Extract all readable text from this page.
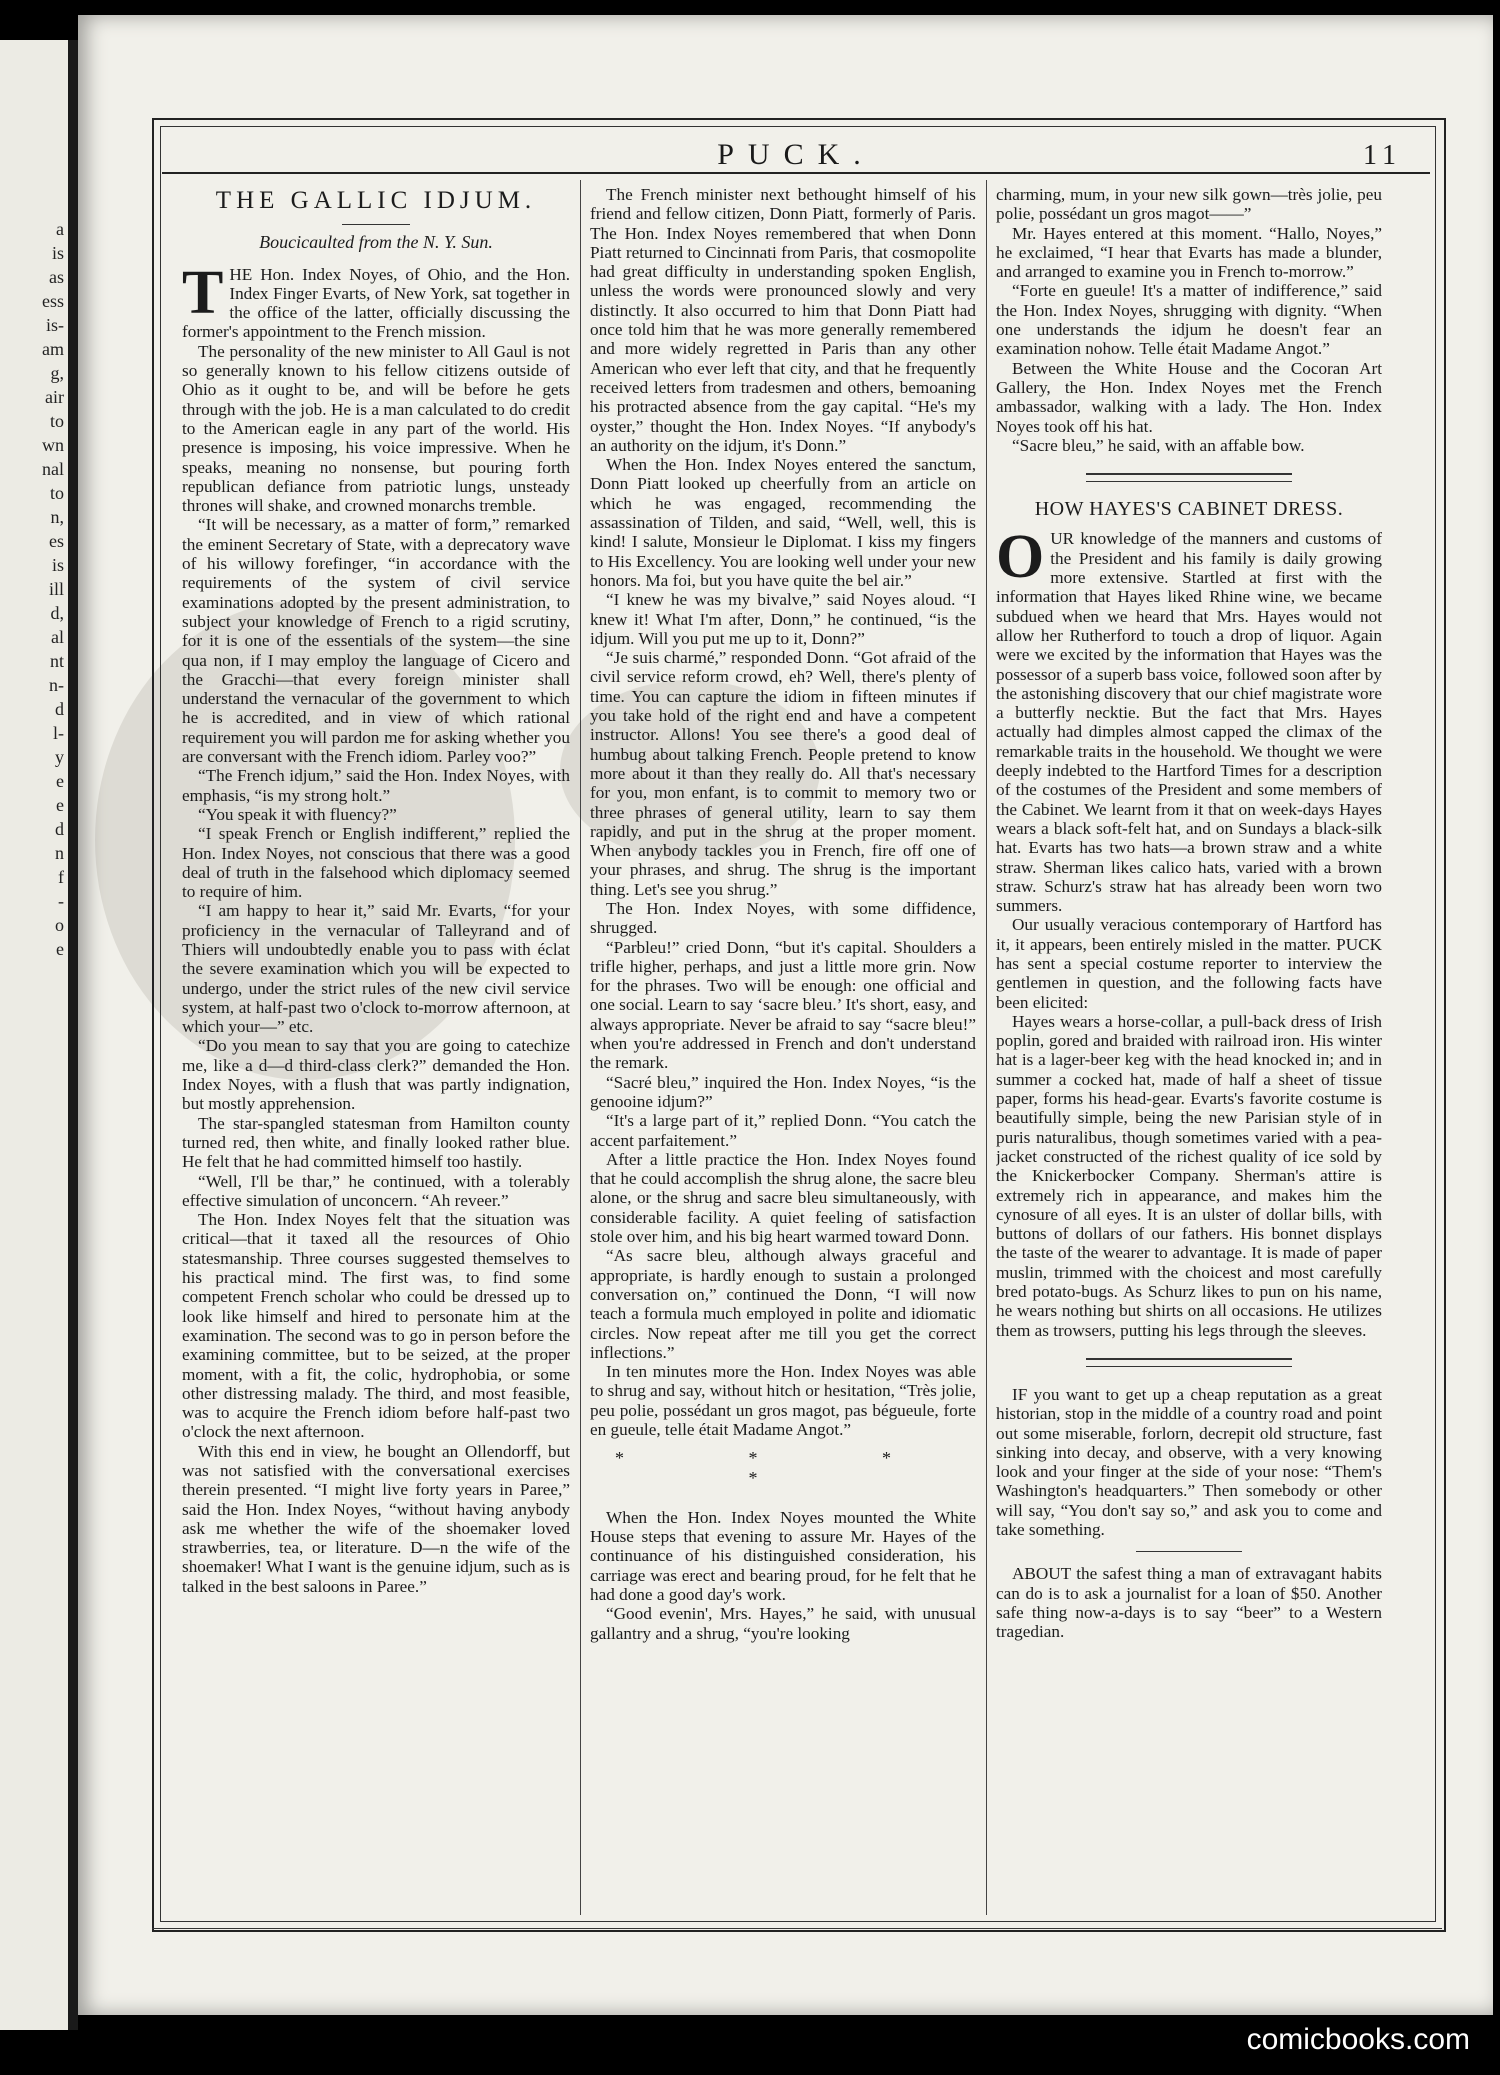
a
is
as
ess
is-
am
g,
air
to
wn
nal
to
n,
es
is
ill
d,
al
nt
n-
d
l-
y
e
e
d
n
f
-
o
e
PUCK.	11
THE GALLIC IDJUM.
Boucicaulted from the N. Y. Sun.

THE Hon. Index Noyes, of Ohio, and the Hon. Index Finger Evarts, of New York, sat together in the office of the latter, officially discussing the former's appointment to the French mission.

The personality of the new minister to All Gaul is not so generally known to his fellow citizens outside of Ohio as it ought to be, and will be before he gets through with the job. He is a man calculated to do credit to the American eagle in any part of the world. His presence is imposing, his voice impressive. When he speaks, meaning no nonsense, but pouring forth republican defiance from patriotic lungs, unsteady thrones will shake, and crowned monarchs tremble.

“It will be necessary, as a matter of form,” remarked the eminent Secretary of State, with a deprecatory wave of his willowy forefinger, “in accordance with the requirements of the system of civil service examinations adopted by the present administration, to subject your knowledge of French to a rigid scrutiny, for it is one of the essentials of the system—the sine qua non, if I may employ the language of Cicero and the Gracchi—that every foreign minister shall understand the vernacular of the government to which he is accredited, and in view of which rational requirement you will pardon me for asking whether you are conversant with the French idiom. Parley voo?”

“The French idjum,” said the Hon. Index Noyes, with emphasis, “is my strong holt.”

“You speak it with fluency?”

“I speak French or English indifferent,” replied the Hon. Index Noyes, not conscious that there was a good deal of truth in the falsehood which diplomacy seemed to require of him.

“I am happy to hear it,” said Mr. Evarts, “for your proficiency in the vernacular of Talleyrand and of Thiers will undoubtedly enable you to pass with éclat the severe examination which you will be expected to undergo, under the strict rules of the new civil service system, at half-past two o'clock to-morrow afternoon, at which your—” etc.

“Do you mean to say that you are going to catechize me, like a d—d third-class clerk?” demanded the Hon. Index Noyes, with a flush that was partly indignation, but mostly apprehension.

The star-spangled statesman from Hamilton county turned red, then white, and finally looked rather blue. He felt that he had committed himself too hastily.

“Well, I'll be thar,” he continued, with a tolerably effective simulation of unconcern. “Ah reveer.”

The Hon. Index Noyes felt that the situation was critical—that it taxed all the resources of Ohio statesmanship. Three courses suggested themselves to his practical mind. The first was, to find some competent French scholar who could be dressed up to look like himself and hired to personate him at the examination. The second was to go in person before the examining committee, but to be seized, at the proper moment, with a fit, the colic, hydrophobia, or some other distressing malady. The third, and most feasible, was to acquire the French idiom before half-past two o'clock the next afternoon.

With this end in view, he bought an Ollendorff, but was not satisfied with the conversational exercises therein presented. “I might live forty years in Paree,” said the Hon. Index Noyes, “without having anybody ask me whether the wife of the shoemaker loved strawberries, tea, or literature. D—n the wife of the shoemaker! What I want is the genuine idjum, such as is talked in the best saloons in Paree.”

The French minister next bethought himself of his friend and fellow citizen, Donn Piatt, formerly of Paris. The Hon. Index Noyes remembered that when Donn Piatt returned to Cincinnati from Paris, that cosmopolite had great difficulty in understanding spoken English, unless the words were pronounced slowly and very distinctly. It also occurred to him that Donn Piatt had once told him that he was more generally remembered and more widely regretted in Paris than any other American who ever left that city, and that he frequently received letters from tradesmen and others, bemoaning his protracted absence from the gay capital. “He's my oyster,” thought the Hon. Index Noyes. “If anybody's an authority on the idjum, it's Donn.”

When the Hon. Index Noyes entered the sanctum, Donn Piatt looked up cheerfully from an article on which he was engaged, recommending the assassination of Tilden, and said, “Well, well, this is kind! I salute, Monsieur le Diplomat. I kiss my fingers to His Excellency. You are looking well under your new honors. Ma foi, but you have quite the bel air.”

“I knew he was my bivalve,” said Noyes aloud. “I knew it! What I'm after, Donn,” he continued, “is the idjum. Will you put me up to it, Donn?”

“Je suis charmé,” responded Donn. “Got afraid of the civil service reform crowd, eh? Well, there's plenty of time. You can capture the idiom in fifteen minutes if you take hold of the right end and have a competent instructor. Allons! You see there's a good deal of humbug about talking French. People pretend to know more about it than they really do. All that's necessary for you, mon enfant, is to commit to memory two or three phrases of general utility, learn to say them rapidly, and put in the shrug at the proper moment. When anybody tackles you in French, fire off one of your phrases, and shrug. The shrug is the important thing. Let's see you shrug.”

The Hon. Index Noyes, with some diffidence, shrugged.

“Parbleu!” cried Donn, “but it's capital. Shoulders a trifle higher, perhaps, and just a little more grin. Now for the phrases. Two will be enough: one official and one social. Learn to say ‘sacre bleu.’ It's short, easy, and always appropriate. Never be afraid to say “sacre bleu!” when you're addressed in French and don't understand the remark.

“Sacré bleu,” inquired the Hon. Index Noyes, “is the genooine idjum?”

“It's a large part of it,” replied Donn. “You catch the accent parfaitement.”

After a little practice the Hon. Index Noyes found that he could accomplish the shrug alone, the sacre bleu alone, or the shrug and sacre bleu simultaneously, with considerable facility. A quiet feeling of satisfaction stole over him, and his big heart warmed toward Donn.

“As sacre bleu, although always graceful and appropriate, is hardly enough to sustain a prolonged conversation on,” continued the Donn, “I will now teach a formula much employed in polite and idiomatic circles. Now repeat after me till you get the correct inflections.”

In ten minutes more the Hon. Index Noyes was able to shrug and say, without hitch or hesitation, “Très jolie, peu polie, possédant un gros magot, pas bégueule, forte en gueule, telle était Madame Angot.”

* * * *

When the Hon. Index Noyes mounted the White House steps that evening to assure Mr. Hayes of the continuance of his distinguished consideration, his carriage was erect and bearing proud, for he felt that he had done a good day's work.

“Good evenin', Mrs. Hayes,” he said, with unusual gallantry and a shrug, “you're looking

charming, mum, in your new silk gown—très jolie, peu polie, possédant un gros magot——”

Mr. Hayes entered at this moment. “Hallo, Noyes,” he exclaimed, “I hear that Evarts has made a blunder, and arranged to examine you in French to-morrow.”

“Forte en gueule! It's a matter of indifference,” said the Hon. Index Noyes, shrugging with dignity. “When one understands the idjum he doesn't fear an examination nohow. Telle était Madame Angot.”

Between the White House and the Cocoran Art Gallery, the Hon. Index Noyes met the French ambassador, walking with a lady. The Hon. Index Noyes took off his hat.

“Sacre bleu,” he said, with an affable bow.

HOW HAYES'S CABINET DRESS.

OUR knowledge of the manners and customs of the President and his family is daily growing more extensive. Startled at first with the information that Hayes liked Rhine wine, we became subdued when we heard that Mrs. Hayes would not allow her Rutherford to touch a drop of liquor. Again were we excited by the information that Hayes was the possessor of a superb bass voice, followed soon after by the astonishing discovery that our chief magistrate wore a butterfly necktie. But the fact that Mrs. Hayes actually had dimples almost capped the climax of the remarkable traits in the household. We thought we were deeply indebted to the Hartford Times for a description of the costumes of the President and some members of the Cabinet. We learnt from it that on week-days Hayes wears a black soft-felt hat, and on Sundays a black-silk hat. Evarts has two hats—a brown straw and a white straw. Sherman likes calico hats, varied with a brown straw. Schurz's straw hat has already been worn two summers.

Our usually veracious contemporary of Hartford has it, it appears, been entirely misled in the matter. PUCK has sent a special costume reporter to interview the gentlemen in question, and the following facts have been elicited:

Hayes wears a horse-collar, a pull-back dress of Irish poplin, gored and braided with railroad iron. His winter hat is a lager-beer keg with the head knocked in; and in summer a cocked hat, made of half a sheet of tissue paper, forms his head-gear. Evarts's favorite costume is beautifully simple, being the new Parisian style of in puris naturalibus, though sometimes varied with a pea-jacket constructed of the richest quality of ice sold by the Knickerbocker Company. Sherman's attire is extremely rich in appearance, and makes him the cynosure of all eyes. It is an ulster of dollar bills, with buttons of dollars of our fathers. His bonnet displays the taste of the wearer to advantage. It is made of paper muslin, trimmed with the choicest and most carefully bred potato-bugs. As Schurz likes to pun on his name, he wears nothing but shirts on all occasions. He utilizes them as trowsers, putting his legs through the sleeves.

IF you want to get up a cheap reputation as a great historian, stop in the middle of a country road and point out some miserable, forlorn, decrepit old structure, fast sinking into decay, and observe, with a very knowing look and your finger at the side of your nose: “Them's Washington's headquarters.” Then somebody or other will say, “You don't say so,” and ask you to come and take something.

ABOUT the safest thing a man of extravagant habits can do is to ask a journalist for a loan of $50. Another safe thing now-a-days is to say “beer” to a Western tragedian.

comicbooks.com
